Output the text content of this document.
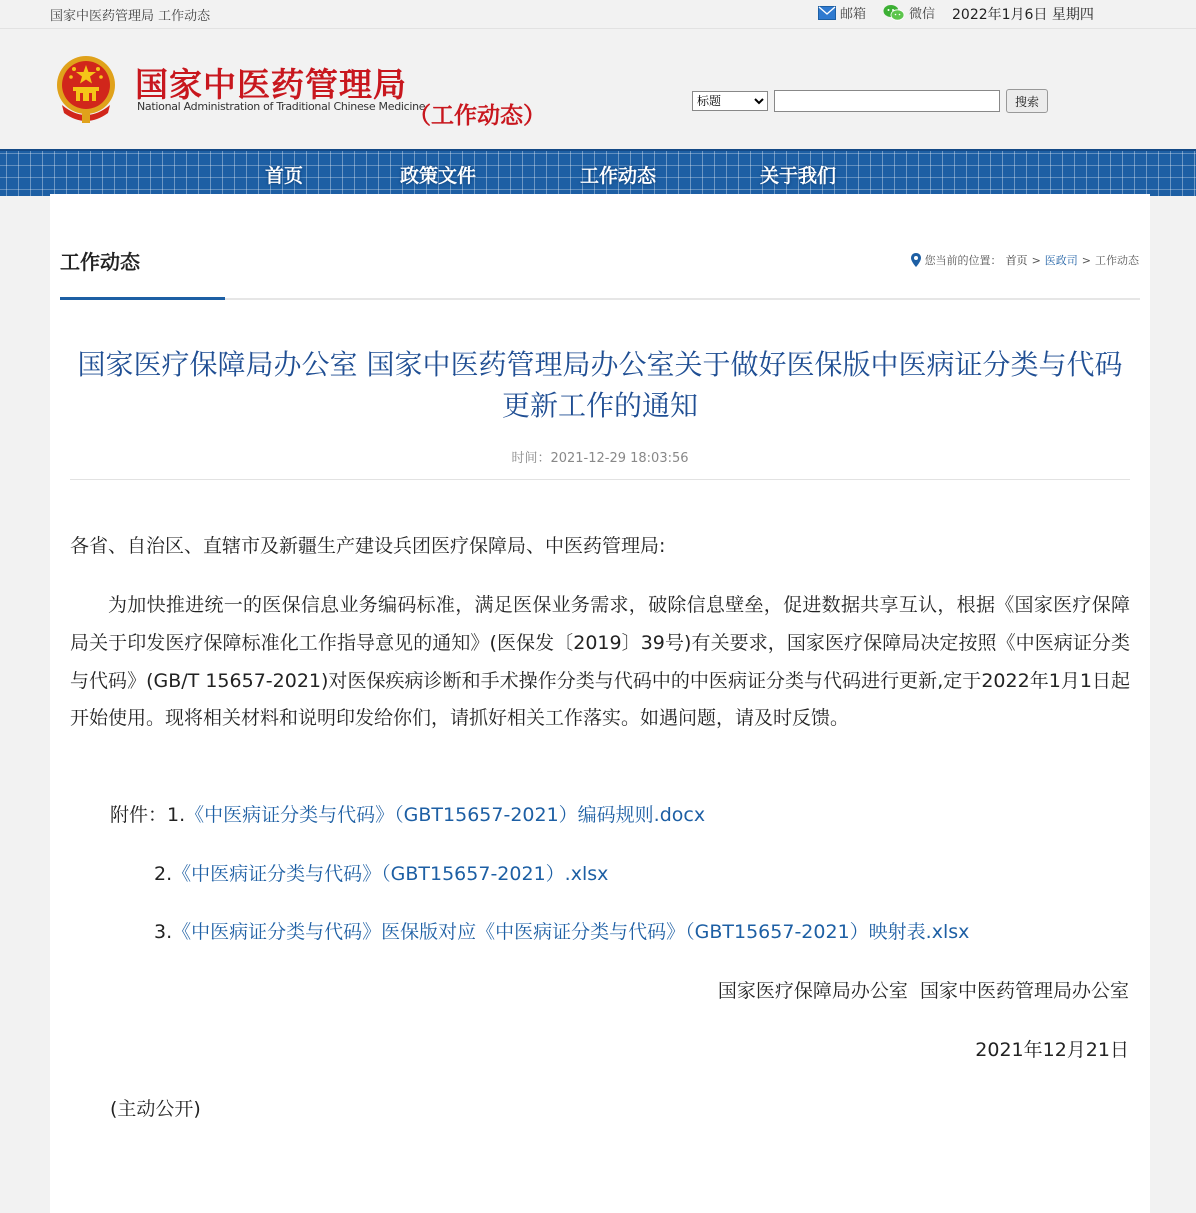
国家中医药管理局 工作动态	邮箱	微信 2022年1月6日 星期四
国家中医药管理局
National Administration of Traditional Chinese Medicine
（工作动态）
标题
搜索
首页	政策文件	工作动态	关于我们
工作动态	您当前的位置： 首页 > 医政司 > 工作动态
国家医疗保障局办公室 国家中医药管理局办公室关于做好医保版中医病证分类与代码更新工作的通知
时间：2021-12-29 18:03:56
各省、自治区、直辖市及新疆生产建设兵团医疗保障局、中医药管理局:
为加快推进统一的医保信息业务编码标准，满足医保业务需求，破除信息壁垒，促进数据共享互认，根据《国家医疗保障局关于印发医疗保障标准化工作指导意见的通知》(医保发〔2019〕39号)有关要求，国家医疗保障局决定按照《中医病证分类与代码》(GB/T 15657-2021)对医保疾病诊断和手术操作分类与代码中的中医病证分类与代码进行更新,定于2022年1月1日起开始使用。现将相关材料和说明印发给你们，请抓好相关工作落实。如遇问题，请及时反馈。
附件：1.《中医病证分类与代码》（GBT15657-2021）编码规则.docx
2.《中医病证分类与代码》（GBT15657-2021）.xlsx
3.《中医病证分类与代码》医保版对应《中医病证分类与代码》（GBT15657-2021）映射表.xlsx
国家医疗保障局办公室  国家中医药管理局办公室
2021年12月21日
(主动公开)
